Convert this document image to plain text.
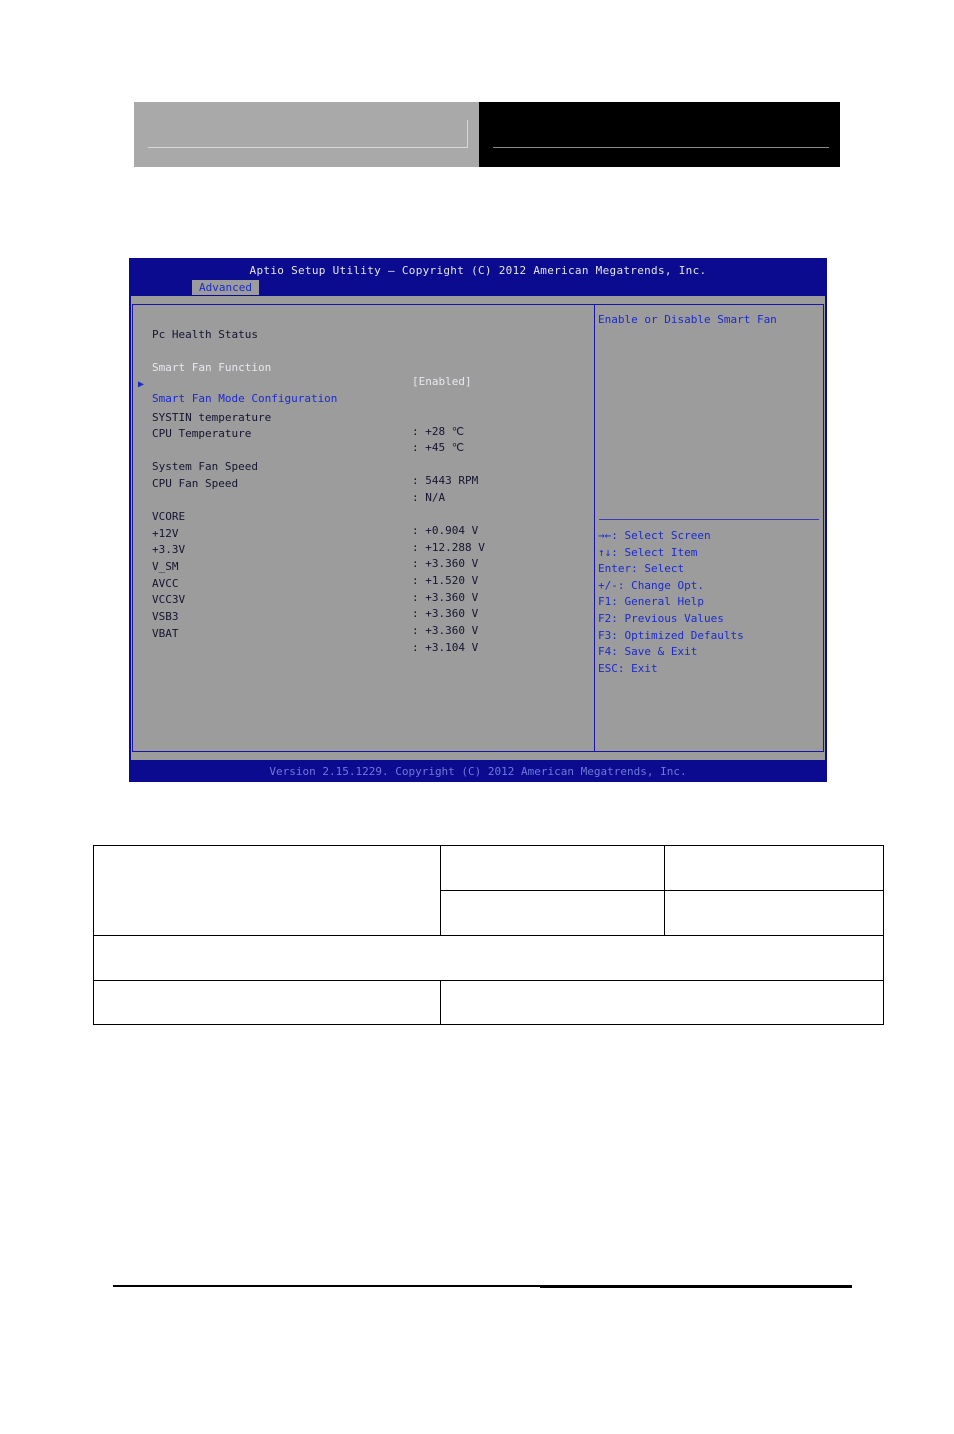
Aptio Setup Utility – Copyright (C) 2012 American Megatrends, Inc.
Advanced

Pc Health Status

Smart Fan Function

[Enabled]

▶

Smart Fan Mode Configuration

SYSTIN temperature

: +28 ℃

CPU Temperature

: +45 ℃

System Fan Speed

: 5443 RPM

CPU Fan Speed

: N/A

VCORE

: +0.904 V

+12V

: +12.288 V

+3.3V

: +3.360 V

V_SM

: +1.520 V

AVCC

: +3.360 V

VCC3V

: +3.360 V

VSB3

: +3.360 V

VBAT

: +3.104 V

Enable or Disable Smart Fan
→←: Select Screen
↑↓: Select Item
Enter: Select
+/-: Change Opt.
F1: General Help
F2: Previous Values
F3: Optimized Defaults
F4: Save & Exit
ESC: Exit
Version 2.15.1229. Copyright (C) 2012 American Megatrends, Inc.
